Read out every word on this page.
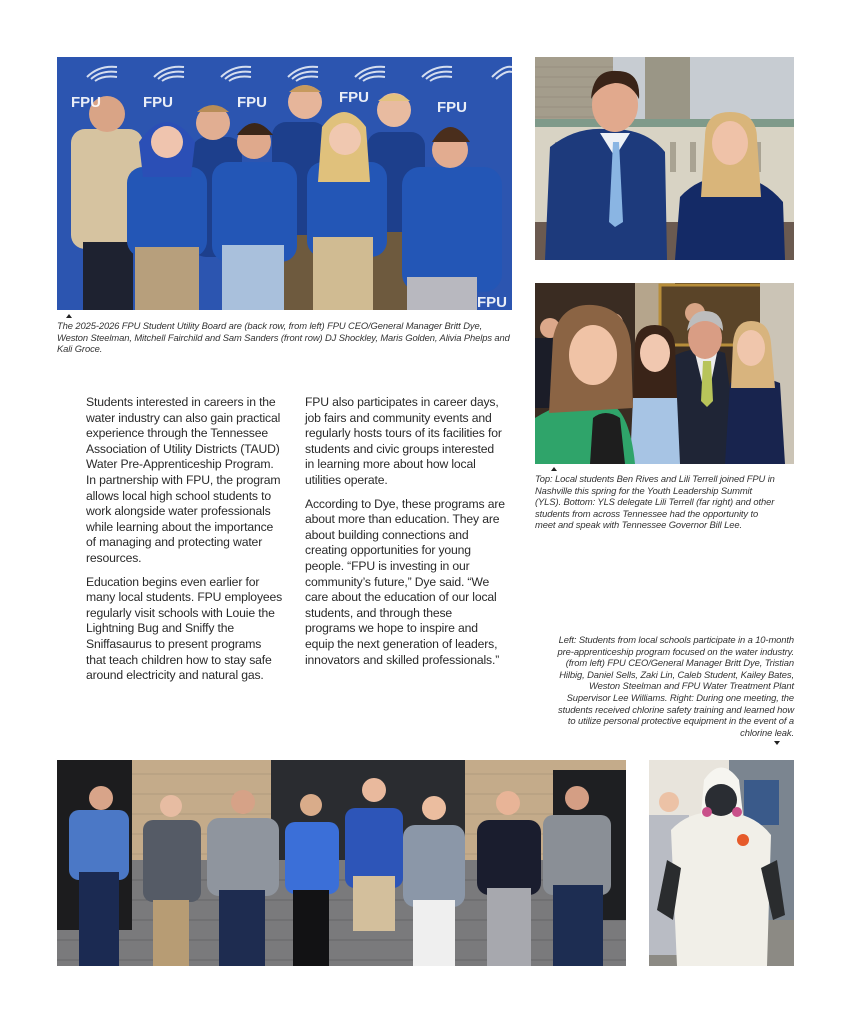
FPU	FPU	FPU	FPU
FPU
FPU
The 2025-2026 FPU Student Utility Board are (back row, from left) FPU CEO/General Manager Britt Dye, Weston Steelman, Mitchell Fairchild and Sam Sanders (front row) DJ Shockley, Maris Golden, Alivia Phelps and Kali Groce.
Top: Local students Ben Rives and Lili Terrell joined FPU in Nashville this spring for the Youth Leadership Summit (YLS). Bottom: YLS delegate Lili Terrell (far right) and other students from across Tennessee had the opportunity to meet and speak with Tennessee Governor Bill Lee.

Students interested in careers in the water industry can also gain practical experience through the Tennessee Association of Utility Districts (TAUD) Water Pre-Apprenticeship Program. In partnership with FPU, the program allows local high school students to work alongside water professionals while learning about the importance of managing and protecting water resources.

Education begins even earlier for many local students. FPU employees regularly visit schools with Louie the Lightning Bug and Sniffy the Sniffasaurus to present programs that teach children how to stay safe around electricity and natural gas.

FPU also participates in career days, job fairs and community events and regularly hosts tours of its facilities for students and civic groups interested in learning more about how local utilities operate.

According to Dye, these programs are about more than education. They are about building connections and creating opportunities for young people. “FPU is investing in our community’s future,” Dye said. “We care about the education of our local students, and through these programs we hope to inspire and equip the next generation of leaders, innovators and skilled professionals.”

Left: Students from local schools participate in a 10-month pre-apprenticeship program focused on the water industry. (from left) FPU CEO/General Manager Britt Dye, Tristian Hilbig, Daniel Sells, Zaki Lin, Caleb Student, Kailey Bates, Weston Steelman and FPU Water Treatment Plant Supervisor Lee Williams. Right: During one meeting, the students received chlorine safety training and learned how to utilize personal protective equipment in the event of a chlorine leak.
